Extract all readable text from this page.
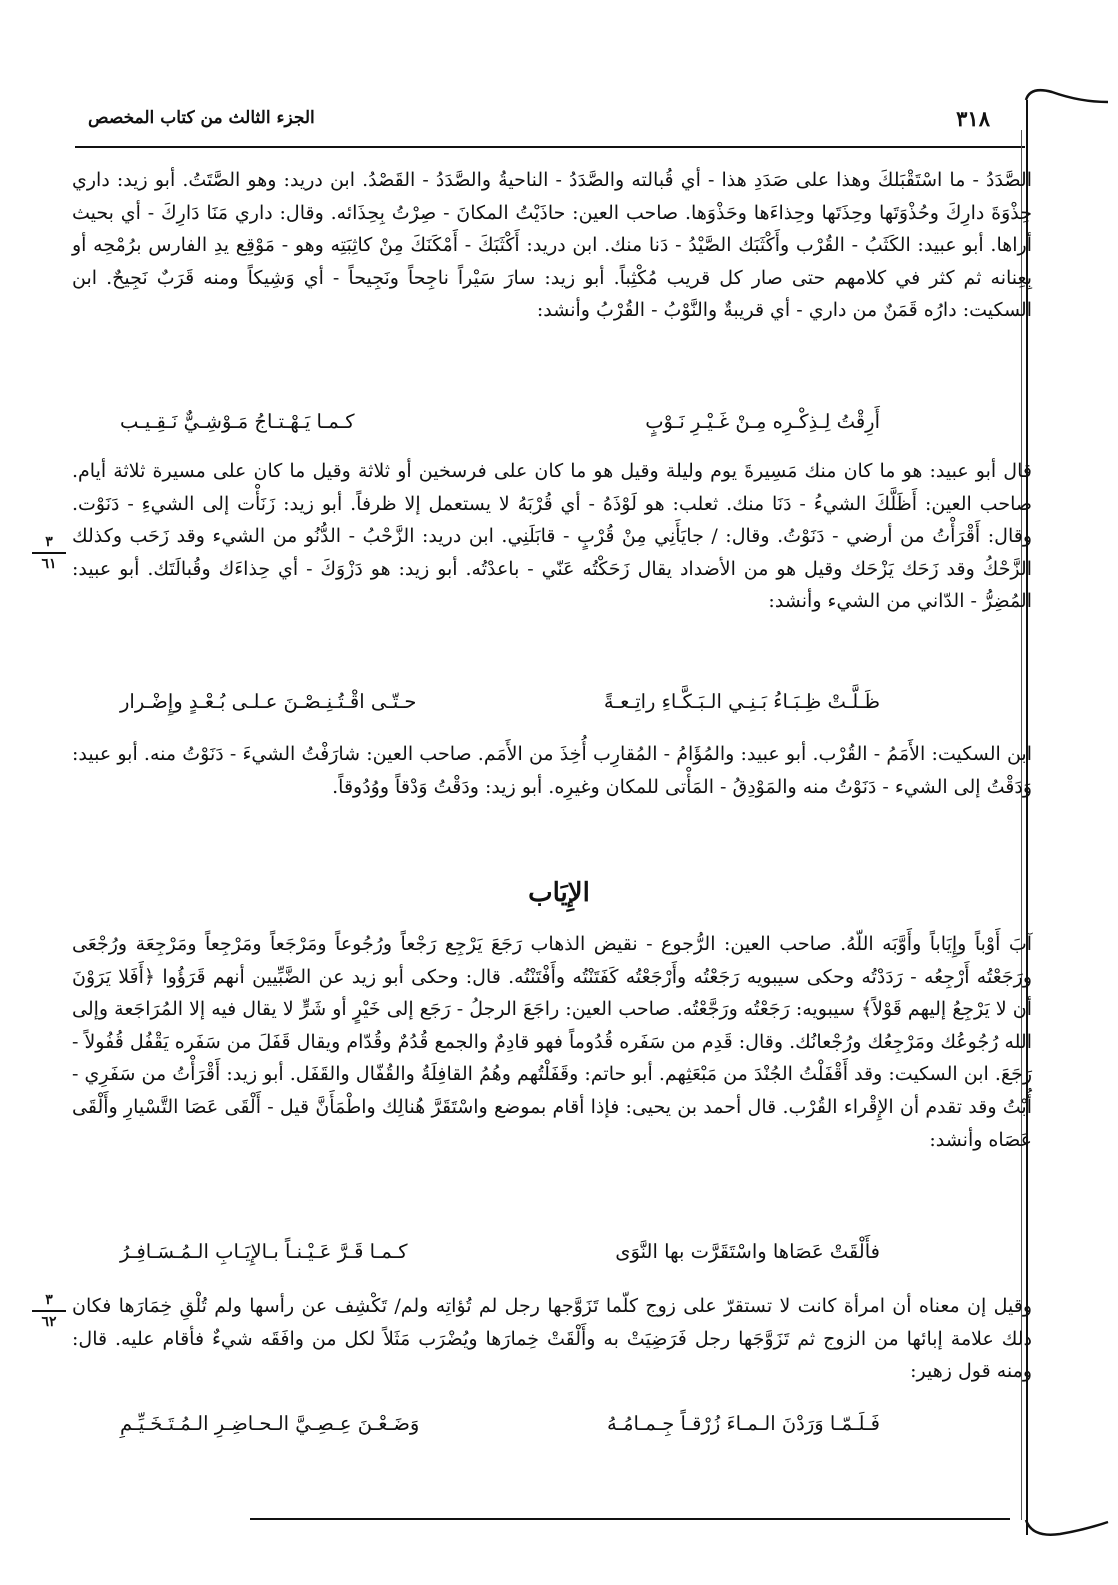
٣١٨
الجزء الثالث من كتاب المخصص

الصَّدَدُ - ما اسْتَقْبَلكَ وهذا على صَدَدِ هذا - أي قُبالته والصَّدَدُ - الناحيةُ والصَّدَدُ - القَصْدُ. ابن دريد: وهو الصَّتَتُ. أبو زيد: داري حِذْوَةَ دارِكَ وحُذْوَتَها وحِذَتَها وحِذاءَها وحَذْوَها. صاحب العين: حاذَيْتُ المكانَ - صِرْتُ بِحِذَائه. وقال: داري مَنَا دَارِكَ - أي بحيث أراها. أبو عبيد: الكَثَبُ - القُرْب وأَكْثَبَك الصَّيْدُ - دَنا منك. ابن دريد: أَكْثَبَكَ - أَمْكَنَكَ مِنْ كاثِبَتِه وهو - مَوْقِع يدِ الفارس برُمْحِه أو بِعِنانه ثم كثر في كلامهم حتى صار كل قريب مُكْثِباً. أبو زيد: سارَ سَيْراً ناجِحاً ونَجِيحاً - أي وَشِيكاً ومنه قَرَبٌ نَجِيحٌ. ابن السكيت: دارُه قَمَنٌ من داري - أي قريبةٌ والنَّوْبُ - القُرْبُ وأنشد:

أَرِقْتُ لِـذِكْـرِه مِـنْ غَـيْـرِ نَـوْبٍ
كـمـا يَـهْـتـاجُ مَـوْشِـيٌّ نَـقِـيـب

قال أبو عبيد: هو ما كان منك مَسِيرةَ يوم وليلة وقيل هو ما كان على فرسخين أو ثلاثة وقيل ما كان على مسيرة ثلاثة أيام. صاحب العين: أَظَلَّكَ الشيءُ - دَنَا منك. ثعلب: هو لَوْذَهُ - أي قُرْبَهُ لا يستعمل إلا ظرفاً. أبو زيد: زَنَأْت إلى الشيءِ - دَنَوْت. وقال: أَقْرَأْتُ من أرضي - دَنَوْتُ. وقال: / جايَأَنِي مِنْ قُرْبٍ - قابَلَنِي. ابن دريد: الزَّحْبُ - الدُّنُو من الشيء وقد زَحَب وكذلك الزَّحْكُ وقد زَحَك يَزْحَك وقيل هو من الأضداد يقال زَحَكْتُه عَنّي - باعدْتُه. أبو زيد: هو دَزْوَكَ - أي حِذاءَك وقُبالَتَك. أبو عبيد: المُضِرُّ - الدّاني من الشيء وأنشد:

٣
٦١
ظَـلَّـتْ ظِـبَـاءُ بَـنِـي الـبَـكَّـاءِ راتِـعـةً
حـتّـى اقْـتُـنِـصْـنَ عـلـى بُـعْـدٍ وإِضْـرار

ابن السكيت: الأَمَمُ - القُرْب. أبو عبيد: والمُؤَامُ - المُقارِب أُخِذَ من الأَمَم. صاحب العين: شارَفْتُ الشيءَ - دَنَوْتُ منه. أبو عبيد: وَدَقْتُ إلى الشيء - دَنَوْتُ منه والمَوْدِقُ - المَأْتى للمكان وغيرِه. أبو زيد: ودَقْتُ وَدْقاً ووُدُوقاً.

الإِيَاب

آبَ أَوْباً وإِيَاباً وأَوَّبَه اللّهُ. صاحب العين: الرُّجوع - نقيض الذهاب رَجَعَ يَرْجِع رَجْعاً ورُجُوعاً ومَرْجَعاً ومَرْجِعاً ومَرْجِعَة ورُجْعَى ورَجَعْتُه أَرْجِعُه - رَدَدْتُه وحكى سيبويه رَجَعْتُه وأَرْجَعْتُه كَفَتَنْتُه وأَفْتَنْتُه. قال: وحكى أبو زيد عن الضَّبِّيين أنهم قَرَؤُوا ﴿أَفَلا يَرَوْنَ أن لا يَرْجِعُ إليهم قَوْلاً﴾ سيبويه: رَجَعْتُه ورَجَّعْتُه. صاحب العين: راجَعَ الرجلُ - رَجَع إلى خَيْرٍ أو شَرٍّ لا يقال فيه إلا المُرَاجَعة وإلى الله رُجُوعُك ومَرْجِعُك ورُجْعانُك. وقال: قَدِم من سَفَره قُدُوماً فهو قادِمٌ والجمع قُدُمٌ وقُدّام ويقال قَفَلَ من سَفَره يَقْفُل قُفُولاً - رَجَعَ. ابن السكيت: وقد أَقْفَلْتُ الجُنْدَ من مَبْعَثِهم. أبو حاتم: وقَفَلْتُهم وهُمُ القافِلَةُ والقُفّال والقَفَل. أبو زيد: أَقْرَأْتُ من سَفَرِي - أُبْتُ وقد تقدم أن الإِقْراء القُرْب. قال أحمد بن يحيى: فإذا أقام بموضع واسْتَقَرَّ هُنالِك واطْمَأَنَّ قيل - أَلْقَى عَصَا التَّسْيارِ وأَلْقَى عَصَاه وأنشد:

فأَلْقَتْ عَصَاها واسْتَقَرَّت بها النَّوَى
كـمـا قَـرَّ عَـيْـنـاً بـالإِيَـابِ الـمُـسَـافِـرُ
٣
٦٢

وقيل إن معناه أن امرأة كانت لا تستقرّ على زوج كلّما تَزَوَّجها رجل لم تُؤاتِه ولم/ تَكْشِف عن رأسها ولم تُلْقِ خِمَارَها فكان ذلك علامة إبائها من الزوج ثم تَزَوَّجَها رجل فَرَضِيَتْ به وأَلْقَتْ خِمارَها ويُضْرَب مَثَلاً لكل من وافَقَه شيءٌ فأقام عليه. قال: ومنه قول زهير:

فَـلَـمّـا وَرَدْنَ الـمـاءَ زُرْقـاً جِـمـامُـهُ
وَضَـعْـنَ عِـصِـيَّ الـحـاضِـرِ الـمُـتَـخَـيِّـمِ
